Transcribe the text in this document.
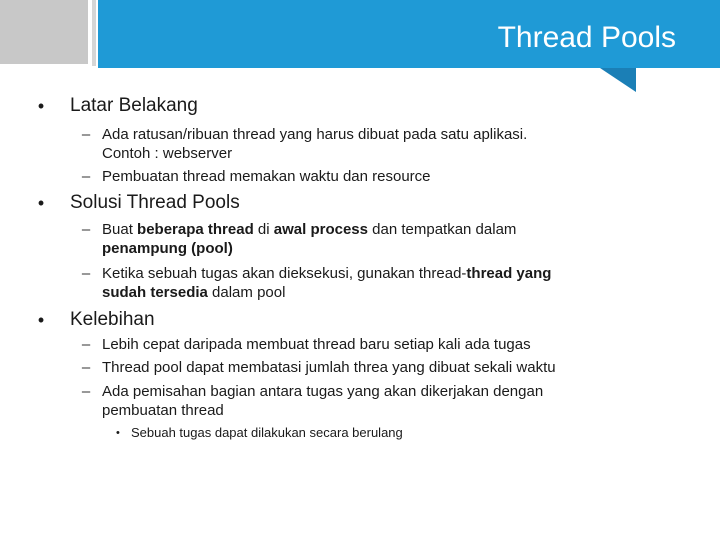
Thread Pools
• Latar Belakang
– Ada ratusan/ribuan thread yang harus dibuat pada satu aplikasi.
Contoh : webserver
– Pembuatan thread memakan waktu dan resource
• Solusi Thread Pools
– Buat beberapa thread di awal process dan tempatkan dalam
penampung (pool)
– Ketika sebuah tugas akan dieksekusi, gunakan thread-thread yang
sudah tersedia dalam pool
• Kelebihan
– Lebih cepat daripada membuat thread baru setiap kali ada tugas
– Thread pool dapat membatasi jumlah threa yang dibuat sekali waktu
– Ada pemisahan bagian antara tugas yang akan dikerjakan dengan
pembuatan thread
• Sebuah tugas dapat dilakukan secara berulang
